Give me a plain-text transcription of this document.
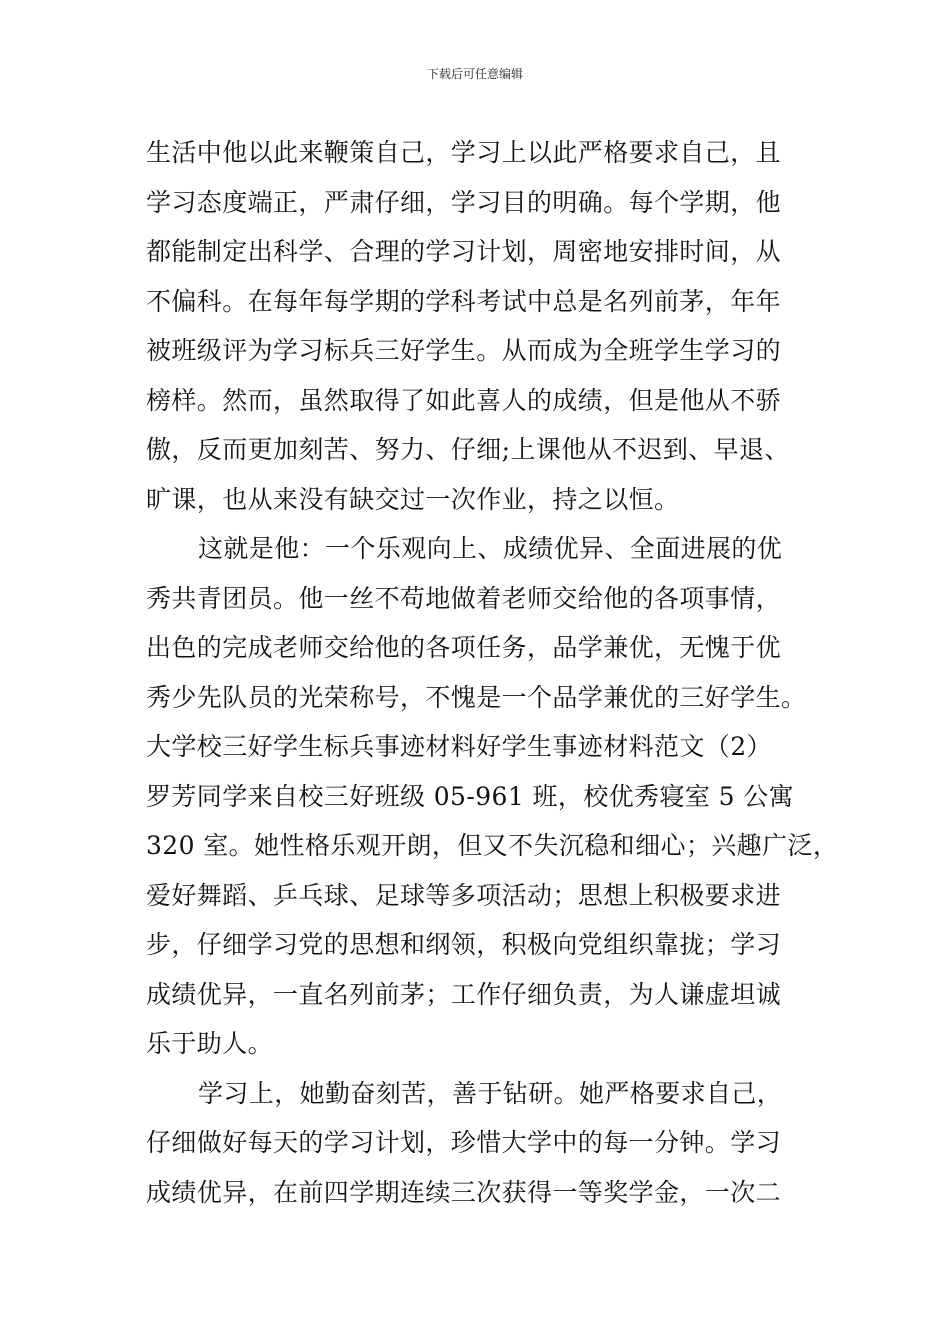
下载后可任意编辑
生活中他以此来鞭策自己，学习上以此严格要求自己，且
学习态度端正，严肃仔细，学习目的明确。每个学期，他
都能制定出科学、合理的学习计划，周密地安排时间，从
不偏科。在每年每学期的学科考试中总是名列前茅，年年
被班级评为学习标兵三好学生。从而成为全班学生学习的
榜样。然而，虽然取得了如此喜人的成绩，但是他从不骄
傲，反而更加刻苦、努力、仔细;上课他从不迟到、早退、
旷课，也从来没有缺交过一次作业，持之以恒。
这就是他：一个乐观向上、成绩优异、全面进展的优
秀共青团员。他一丝不苟地做着老师交给他的各项事情，
出色的完成老师交给他的各项任务，品学兼优，无愧于优
秀少先队员的光荣称号，不愧是一个品学兼优的三好学生。
大学校三好学生标兵事迹材料好学生事迹材料范文（2）
罗芳同学来自校三好班级 05-961 班，校优秀寝室 5 公寓
320 室。她性格乐观开朗，但又不失沉稳和细心；兴趣广泛，
爱好舞蹈、乒乓球、足球等多项活动；思想上积极要求进
步，仔细学习党的思想和纲领，积极向党组织靠拢；学习
成绩优异，一直名列前茅；工作仔细负责，为人谦虚坦诚
乐于助人。
学习上，她勤奋刻苦，善于钻研。她严格要求自己，
仔细做好每天的学习计划，珍惜大学中的每一分钟。学习
成绩优异，在前四学期连续三次获得一等奖学金，一次二
